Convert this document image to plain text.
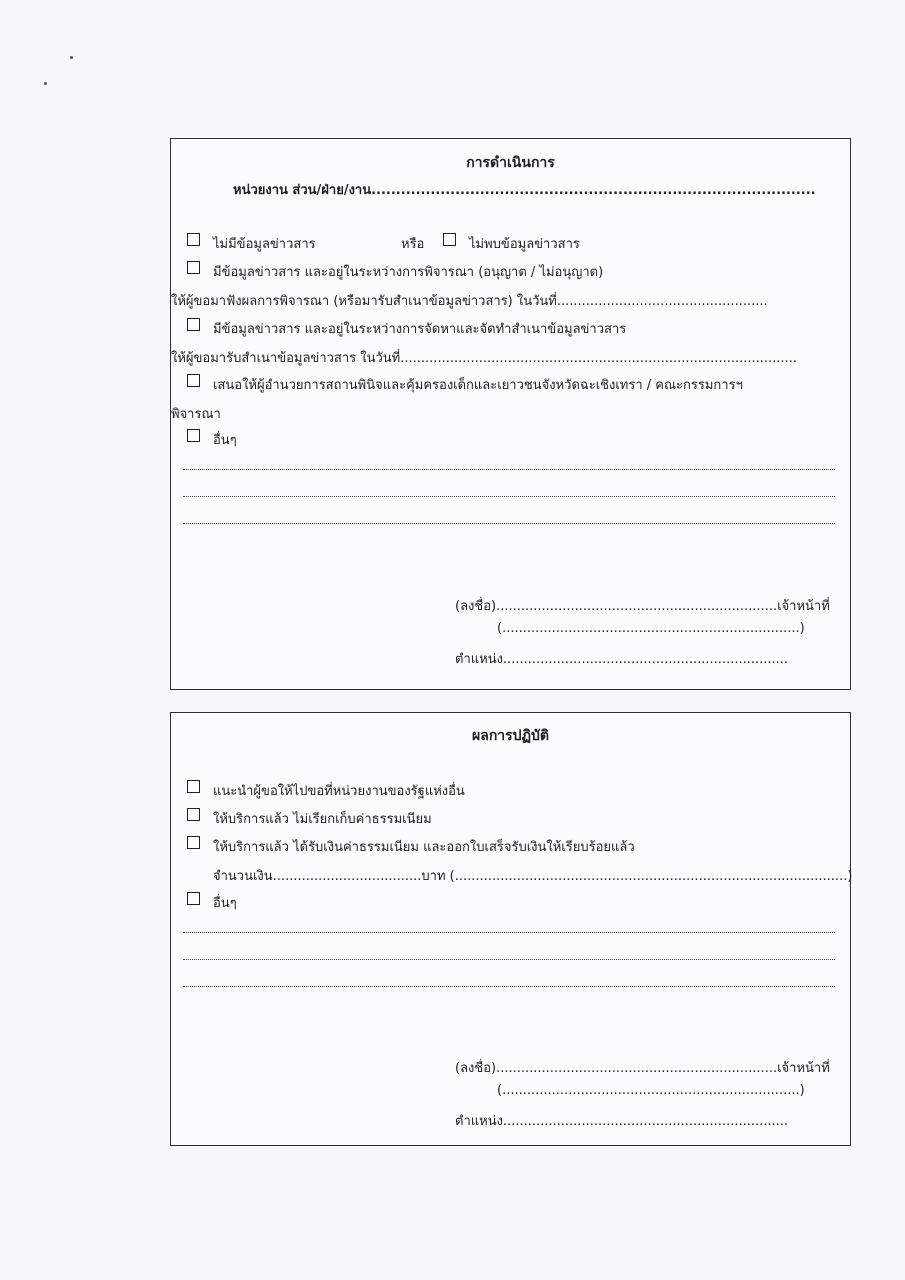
การดำเนินการ
หน่วยงาน ส่วน/ฝ่าย/งาน..........................................................................................
ไม่มีข้อมูลข่าวสาร	หรือ	ไม่พบข้อมูลข่าวสาร
มีข้อมูลข่าวสาร และอยู่ในระหว่างการพิจารณา (อนุญาต / ไม่อนุญาต)
ให้ผู้ขอมาฟังผลการพิจารณา (หรือมารับสำเนาข้อมูลข่าวสาร) ในวันที่...................................................
มีข้อมูลข่าวสาร และอยู่ในระหว่างการจัดหาและจัดทำสำเนาข้อมูลข่าวสาร
ให้ผู้ขอมารับสำเนาข้อมูลข่าวสาร ในวันที่................................................................................................
เสนอให้ผู้อำนวยการสถานพินิจและคุ้มครองเด็กและเยาวชนจังหวัดฉะเชิงเทรา / คณะกรรมการฯ
พิจารณา
อื่นๆ
(ลงชื่อ)....................................................................เจ้าหน้าที่
(........................................................................)
ตำแหน่ง.....................................................................
ผลการปฏิบัติ
แนะนำผู้ขอให้ไปขอที่หน่วยงานของรัฐแห่งอื่น
ให้บริการแล้ว ไม่เรียกเก็บค่าธรรมเนียม
ให้บริการแล้ว ได้รับเงินค่าธรรมเนียม และออกใบเสร็จรับเงินให้เรียบร้อยแล้ว
จำนวนเงิน....................................บาท (...............................................................................................)
อื่นๆ
(ลงชื่อ)....................................................................เจ้าหน้าที่
(........................................................................)
ตำแหน่ง.....................................................................
